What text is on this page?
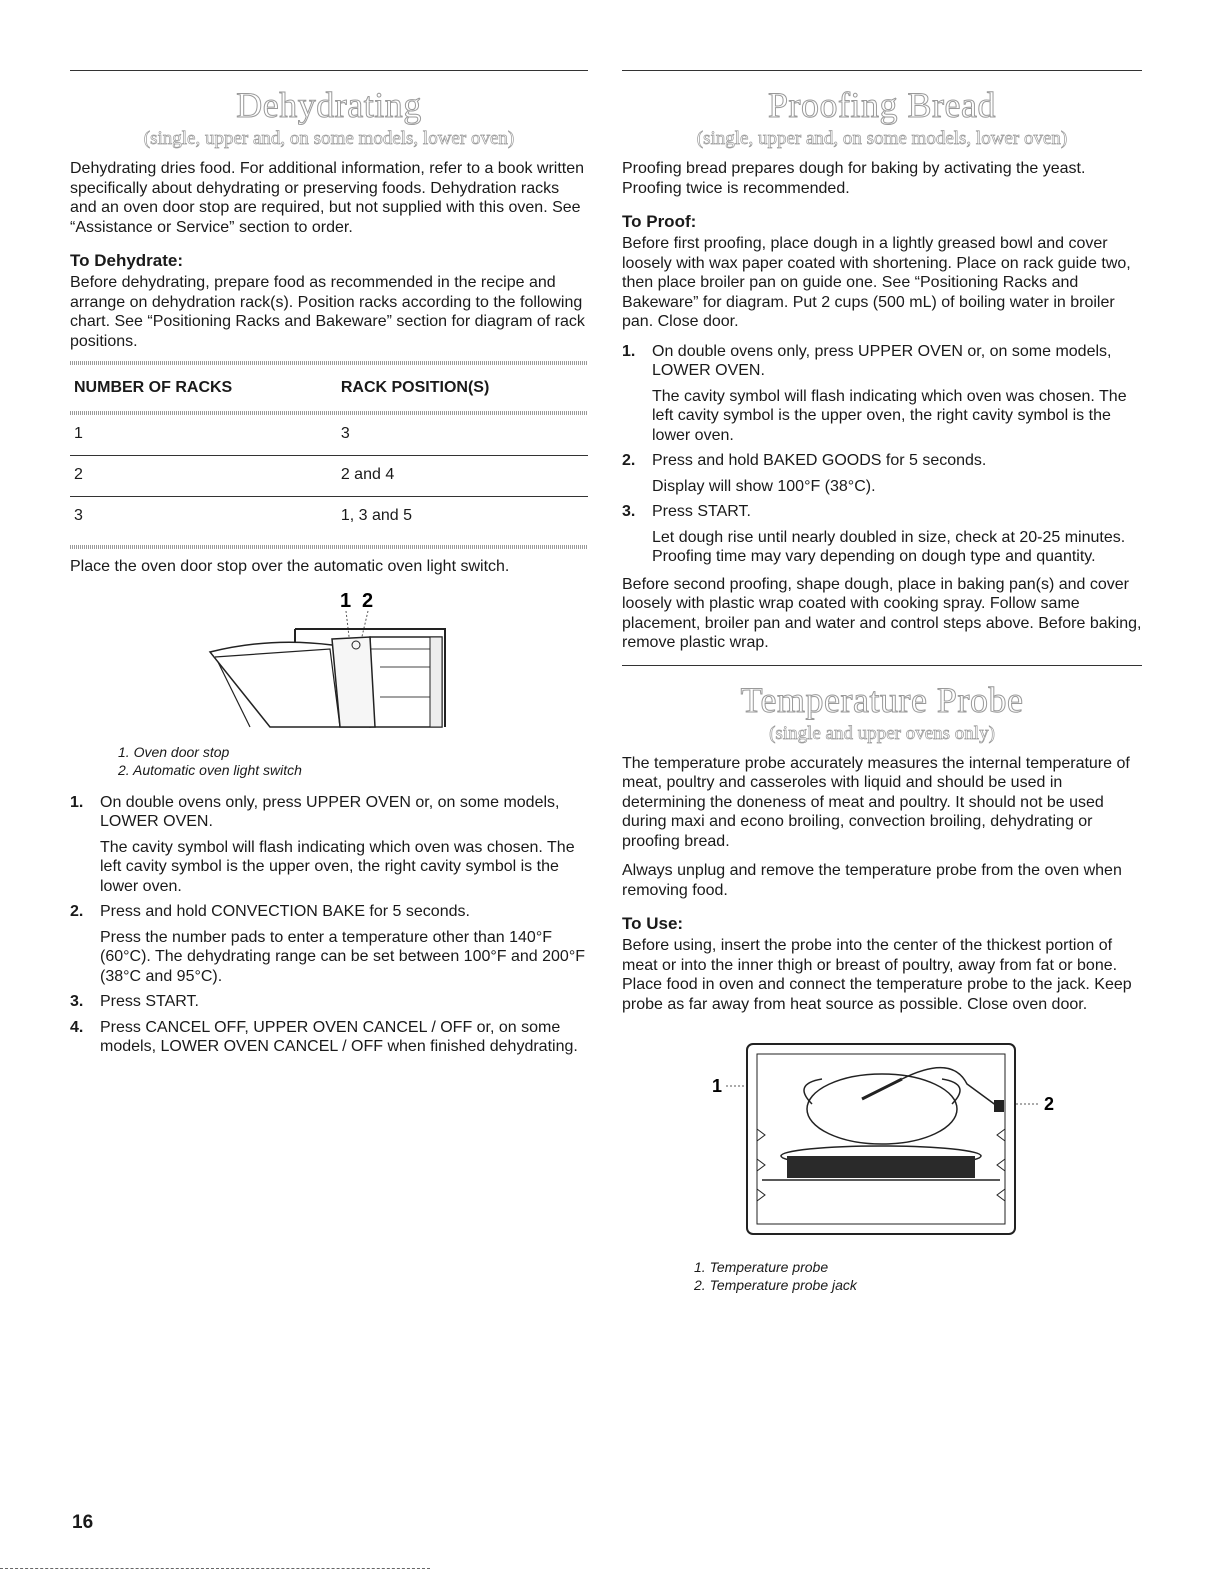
Dehydrating
(single, upper and, on some models, lower oven)

Dehydrating dries food. For additional information, refer to a book written specifically about dehydrating or preserving foods. Dehydration racks and an oven door stop are required, but not supplied with this oven. See “Assistance or Service” section to order.

To Dehydrate:

Before dehydrating, prepare food as recommended in the recipe and arrange on dehydration rack(s). Position racks according to the following chart. See “Positioning Racks and Bakeware” section for diagram of rack positions.

NUMBER OF RACKS	RACK POSITION(S)

1	3
2	2 and 4
3	1, 3 and 5

Place the oven door stop over the automatic oven light switch.

1 2
1. Oven door stop
2. Automatic oven light switch
1. On double ovens only, press UPPER OVEN or, on some models, LOWER OVEN.
The cavity symbol will flash indicating which oven was chosen. The left cavity symbol is the upper oven, the right cavity symbol is the lower oven.
2. Press and hold CONVECTION BAKE for 5 seconds.
Press the number pads to enter a temperature other than 140°F (60°C). The dehydrating range can be set between 100°F and 200°F (38°C and 95°C).
3. Press START.
4. Press CANCEL OFF, UPPER OVEN CANCEL / OFF or, on some models, LOWER OVEN CANCEL / OFF when finished dehydrating.
Proofing Bread
(single, upper and, on some models, lower oven)

Proofing bread prepares dough for baking by activating the yeast. Proofing twice is recommended.

To Proof:

Before first proofing, place dough in a lightly greased bowl and cover loosely with wax paper coated with shortening. Place on rack guide two, then place broiler pan on guide one. See “Positioning Racks and Bakeware” for diagram. Put 2 cups (500 mL) of boiling water in broiler pan. Close door.

1. On double ovens only, press UPPER OVEN or, on some models, LOWER OVEN.
The cavity symbol will flash indicating which oven was chosen. The left cavity symbol is the upper oven, the right cavity symbol is the lower oven.
2. Press and hold BAKED GOODS for 5 seconds.
Display will show 100°F (38°C).
3. Press START.
Let dough rise until nearly doubled in size, check at 20-25 minutes. Proofing time may vary depending on dough type and quantity.

Before second proofing, shape dough, place in baking pan(s) and cover loosely with plastic wrap coated with cooking spray. Follow same placement, broiler pan and water and control steps above. Before baking, remove plastic wrap.

Temperature Probe
(single and upper ovens only)

The temperature probe accurately measures the internal temperature of meat, poultry and casseroles with liquid and should be used in determining the doneness of meat and poultry. It should not be used during maxi and econo broiling, convection broiling, dehydrating or proofing bread.

Always unplug and remove the temperature probe from the oven when removing food.

To Use:

Before using, insert the probe into the center of the thickest portion of meat or into the inner thigh or breast of poultry, away from fat or bone. Place food in oven and connect the temperature probe to the jack. Keep probe as far away from heat source as possible. Close oven door.

1
2
1. Temperature probe
2. Temperature probe jack
16
